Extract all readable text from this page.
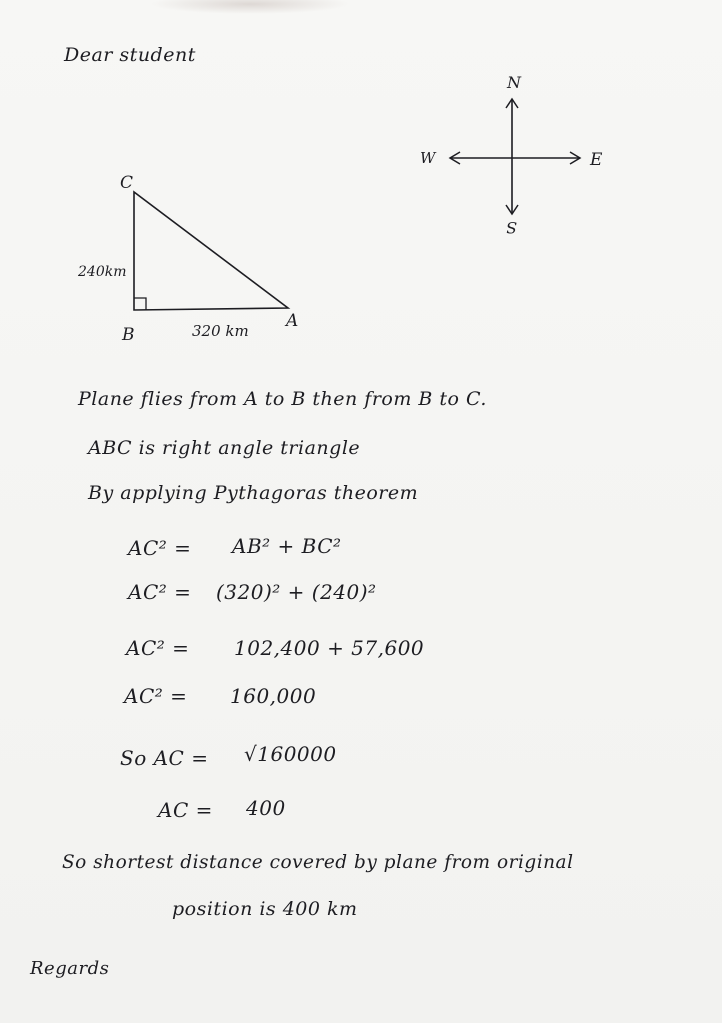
Dear student
N
S
E
W
C
B
A
240km
320 km
Plane flies from A to B then from B to C.
ABC is right angle triangle
By applying Pythagoras theorem
AC² = AB² + BC²
AC² = (320)² + (240)²
AC² = 102,400 + 57,600
AC² = 160,000
So AC = √160000
AC = 400
So shortest distance covered by plane from original
position is 400 km
Regards
